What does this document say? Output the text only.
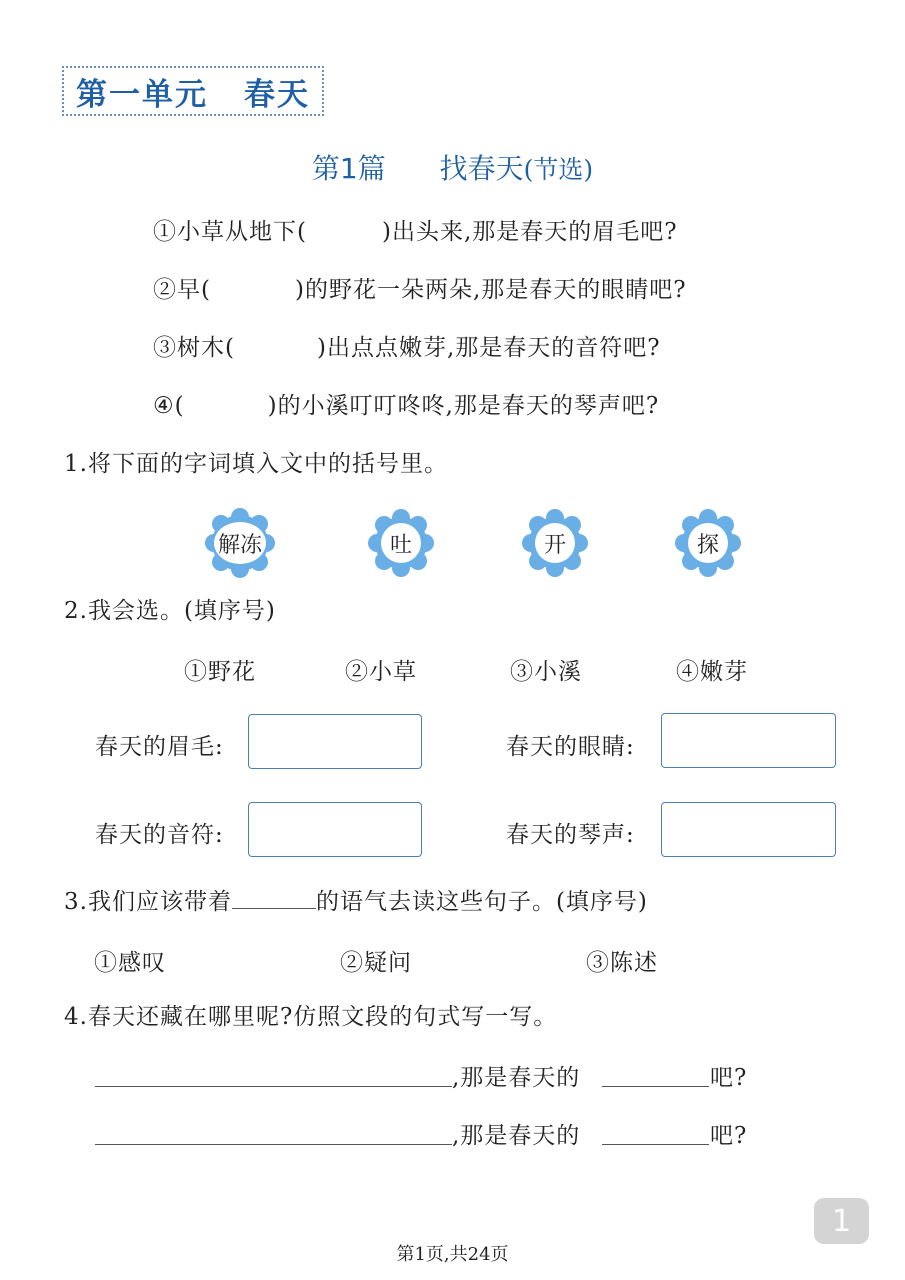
第一单元 春天
第1篇 找春天(节选)
①小草从地下(	)出头来,那是春天的眉毛吧?
②早(	)的野花一朵两朵,那是春天的眼睛吧?
③树木(	)出点点嫩芽,那是春天的音符吧?
④(	)的小溪叮叮咚咚,那是春天的琴声吧?
1.将下面的字词填入文中的括号里。
解冻	吐	开	探
2.我会选。(填序号)
①野花	②小草	③小溪	④嫩芽
春天的眉毛:	春天的眼睛:
春天的音符:	春天的琴声:
3.我们应该带着	的语气去读这些句子。(填序号)
①感叹	②疑问	③陈述
4.春天还藏在哪里呢?仿照文段的句式写一写。
,那是春天的	吧?
,那是春天的	吧?
1
第1页,共24页
